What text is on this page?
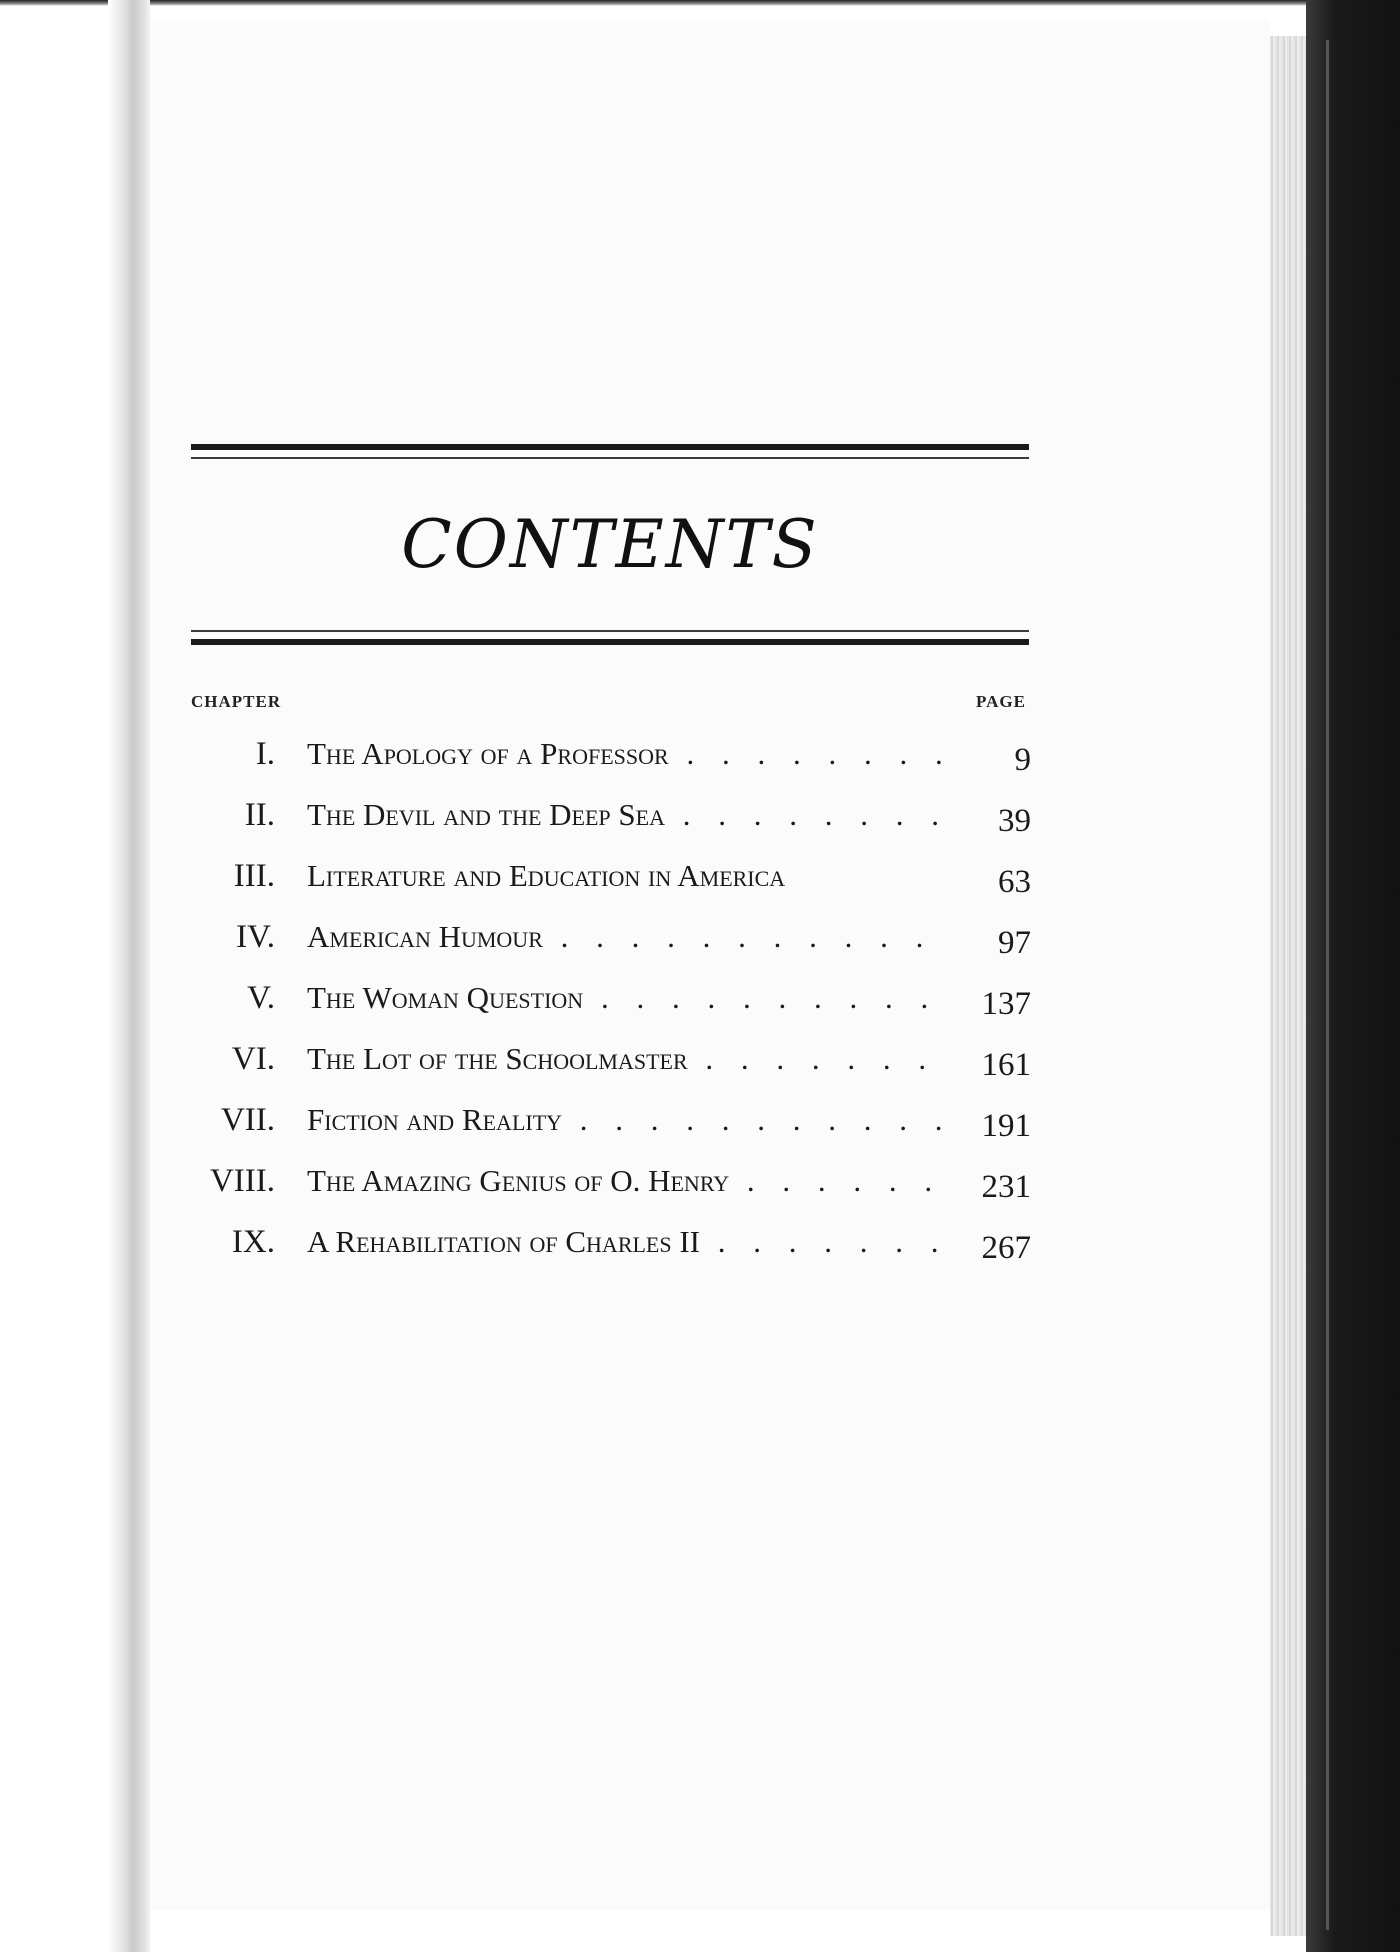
CONTENTS
CHAPTER	PAGE
I. The Apology of a Professor . . .	9
II. The Devil and the Deep Sea . . .	39
III. Literature and Education in America	63
IV. American Humour . . .	97
V. The Woman Question . . .	137
VI. The Lot of the Schoolmaster . . .	161
VII. Fiction and Reality . . .	191
VIII. The Amazing Genius of O. Henry . . .	231
IX. A Rehabilitation of Charles II . . .	267
